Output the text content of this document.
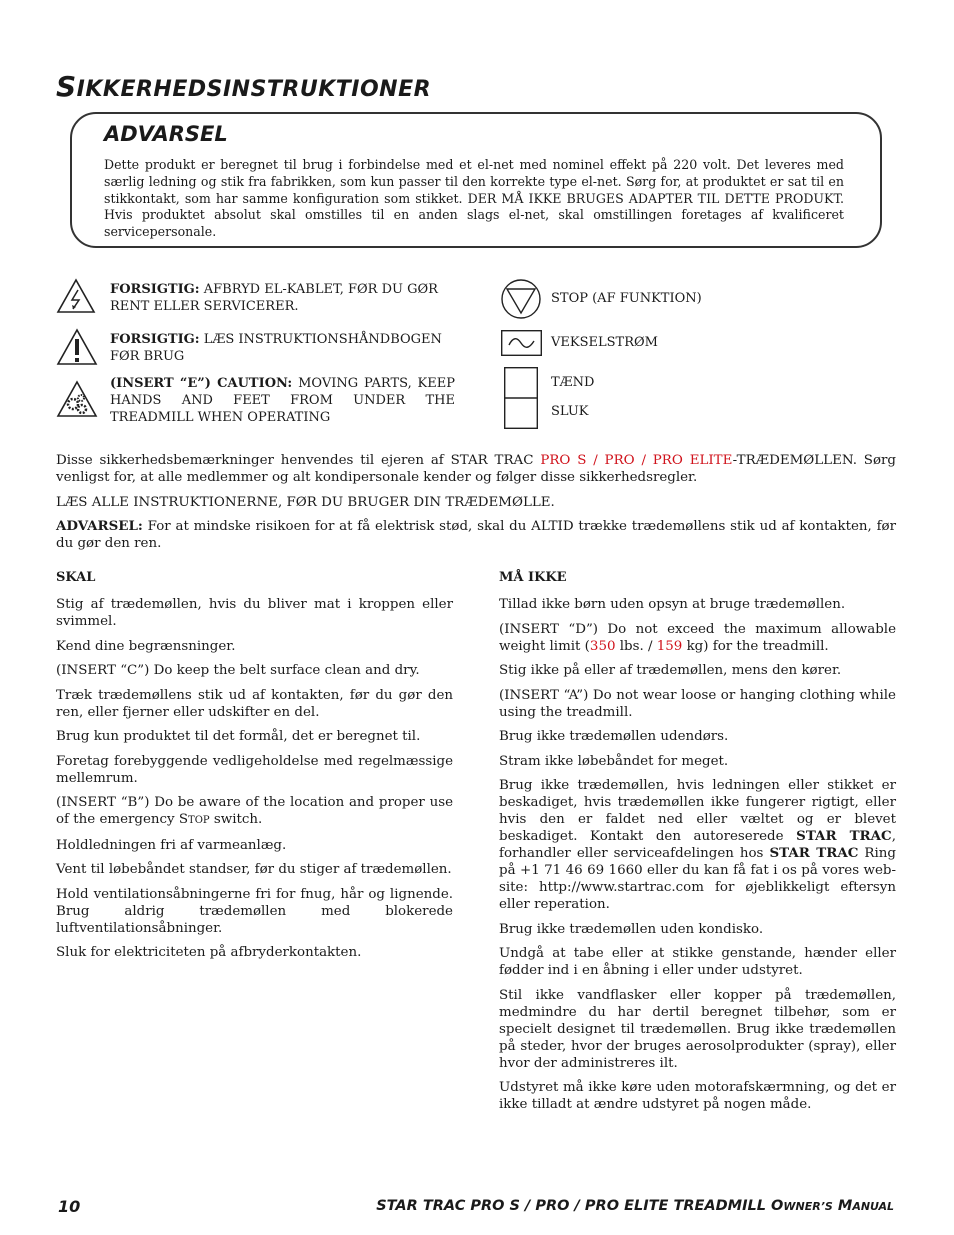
SIKKERHEDSINSTRUKTIONER
ADVARSEL
Dette produkt er beregnet til brug i forbindelse med et el-net med nominel effekt på 220 volt. Det leveres med særlig ledning og stik fra fabrikken, som kun passer til den korrekte type el-net. Sørg for, at produktet er sat til en stikkontakt, som har samme konfiguration som stikket. DER MÅ IKKE BRUGES ADAPTER TIL DETTE PRODUKT. Hvis produktet absolut skal omstilles til en anden slags el-net, skal omstillingen foretages af kvalificeret servicepersonale.
FORSIGTIG: AFBRYD EL-KABLET, FØR DU GØR RENT ELLER SERVICERER.
FORSIGTIG: LÆS INSTRUKTIONSHÅNDBOGEN FØR BRUG
(INSERT “E”) CAUTION: MOVING PARTS, KEEP HANDS AND FEET FROM UNDER THE TREADMILL WHEN OPERATING
STOP (AF FUNKTION)
VEKSELSTRØM
TÆND
SLUK
Disse sikkerhedsbemærkninger henvendes til ejeren af STAR TRAC PRO S / PRO / PRO ELITE-TRÆDEMØLLEN. Sørg venligst for, at alle medlemmer og alt kondipersonale kender og følger disse sikkerhedsregler.
LÆS ALLE INSTRUKTIONERNE, FØR DU BRUGER DIN TRÆDEMØLLE.
ADVARSEL: For at mindske risikoen for at få elektrisk stød, skal du ALTID trække trædemøllens stik ud af kontakten, før du gør den ren.

SKAL

Stig af trædemøllen, hvis du bliver mat i kroppen eller svimmel.

Kend dine begrænsninger.

(INSERT “C”) Do keep the belt surface clean and dry.

Træk trædemøllens stik ud af kontakten, før du gør den ren, eller fjerner eller udskifter en del.

Brug kun produktet til det formål, det er beregnet til.

Foretag forebyggende vedligeholdelse med regelmæssige mellemrum.

(INSERT “B”) Do be aware of the location and proper use of the emergency STOP switch.

Holdledningen fri af varmeanlæg.

Vent til løbebåndet standser, før du stiger af trædemøllen.

Hold ventilationsåbningerne fri for fnug, hår og lignende. Brug aldrig trædemøllen med blokerede luftventilationsåbninger.

Sluk for elektriciteten på afbryderkontakten.

MÅ IKKE

Tillad ikke børn uden opsyn at bruge trædemøllen.

(INSERT “D”) Do not exceed the maximum allowable weight limit (350 lbs. / 159 kg) for the treadmill.

Stig ikke på eller af trædemøllen, mens den kører.

(INSERT “A”) Do not wear loose or hanging clothing while using the treadmill.

Brug ikke trædemøllen udendørs.

Stram ikke løbebåndet for meget.

Brug ikke trædemøllen, hvis ledningen eller stikket er beskadiget, hvis trædemøllen ikke fungerer rigtigt, eller hvis den er faldet ned eller væltet og er blevet beskadiget. Kontakt den autoreserede STAR TRAC, forhandler eller serviceafdelingen hos STAR TRAC Ring på +1 71 46 69 1660 eller du kan få fat i os på vores web-site: http://www.startrac.com for øjeblikkeligt eftersyn eller reperation.

Brug ikke trædemøllen uden kondisko.

Undgå at tabe eller at stikke genstande, hænder eller fødder ind i en åbning i eller under udstyret.

Stil ikke vandflasker eller kopper på trædemøllen, medmindre du har dertil beregnet tilbehør, som er specielt designet til trædemøllen. Brug ikke trædemøllen på steder, hvor der bruges aerosolprodukter (spray), eller hvor der administreres ilt.

Udstyret må ikke køre uden motorafskærmning, og det er ikke tilladt at ændre udstyret på nogen måde.

10	STAR TRAC PRO S / PRO / PRO ELITE TREADMILL OWNER’S MANUAL
